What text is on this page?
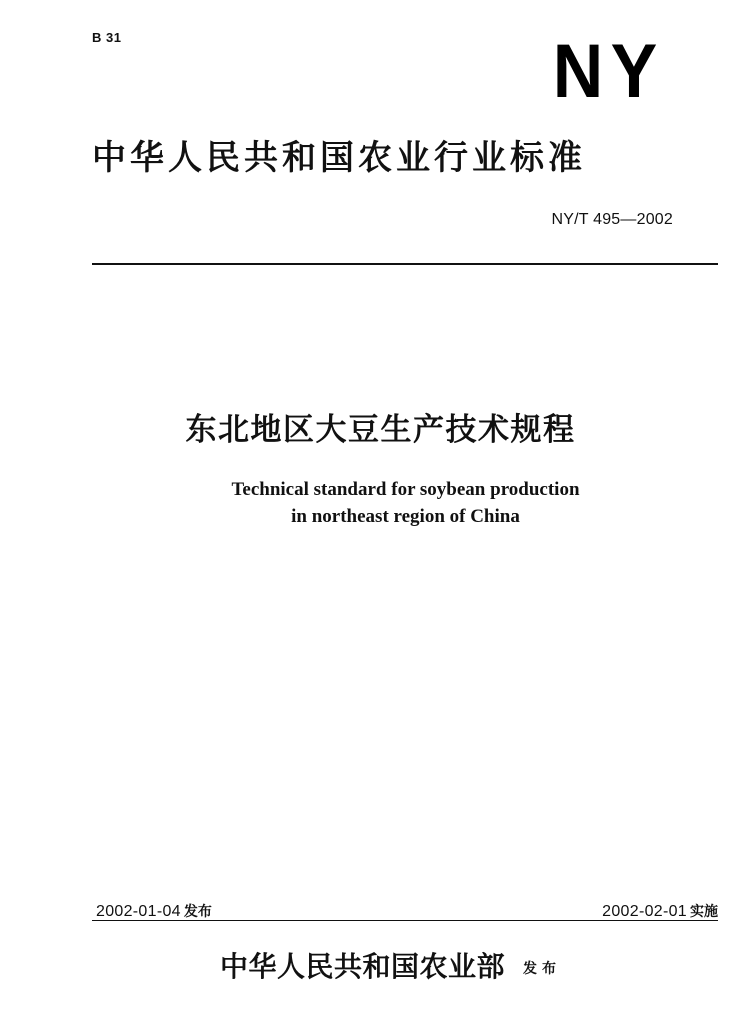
B 31	NY
中华人民共和国农业行业标准
NY/T 495—2002
东北地区大豆生产技术规程
Technical standard for soybean production
in northeast region of China
2002-01-04 发布	2002-02-01 实施
中华人民共和国农业部 发布
